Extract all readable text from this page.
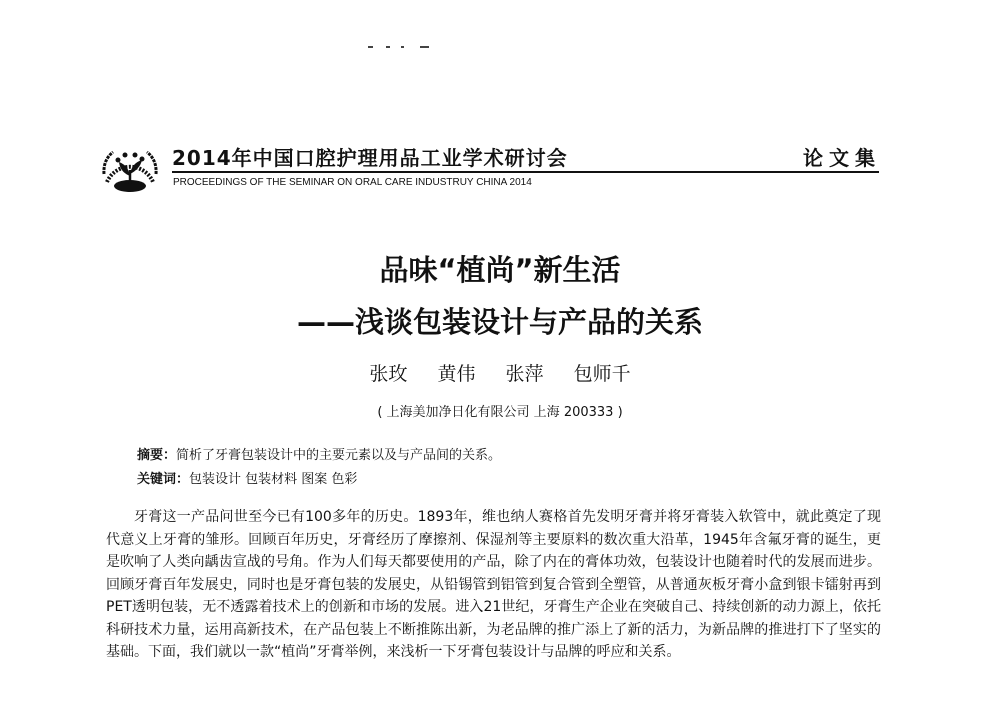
2014年中国口腔护理用品工业学术研讨会	论文集
PROCEEDINGS OF THE SEMINAR ON ORAL CARE INDUSTRUY CHINA 2014
品味“植尚”新生活
——浅谈包装设计与产品的关系
张玫 黄伟 张萍 包师千
( 上海美加净日化有限公司 上海 200333 )
摘要：简析了牙膏包装设计中的主要元素以及与产品间的关系。
关键词：包装设计 包装材料 图案 色彩

牙膏这一产品问世至今已有100多年的历史。1893年，维也纳人赛格首先发明牙膏并将牙膏装入软管中，就此奠定了现代意义上牙膏的雏形。回顾百年历史，牙膏经历了摩擦剂、保湿剂等主要原料的数次重大沿革，1945年含氟牙膏的诞生，更是吹响了人类向龋齿宣战的号角。作为人们每天都要使用的产品，除了内在的膏体功效，包装设计也随着时代的发展而进步。回顾牙膏百年发展史，同时也是牙膏包装的发展史，从铅锡管到铝管到复合管到全塑管，从普通灰板牙膏小盒到银卡镭射再到PET透明包装，无不透露着技术上的创新和市场的发展。进入21世纪，牙膏生产企业在突破自己、持续创新的动力源上，依托科研技术力量，运用高新技术，在产品包装上不断推陈出新，为老品牌的推广添上了新的活力，为新品牌的推进打下了坚实的基础。下面，我们就以一款“植尚”牙膏举例，来浅析一下牙膏包装设计与品牌的呼应和关系。
